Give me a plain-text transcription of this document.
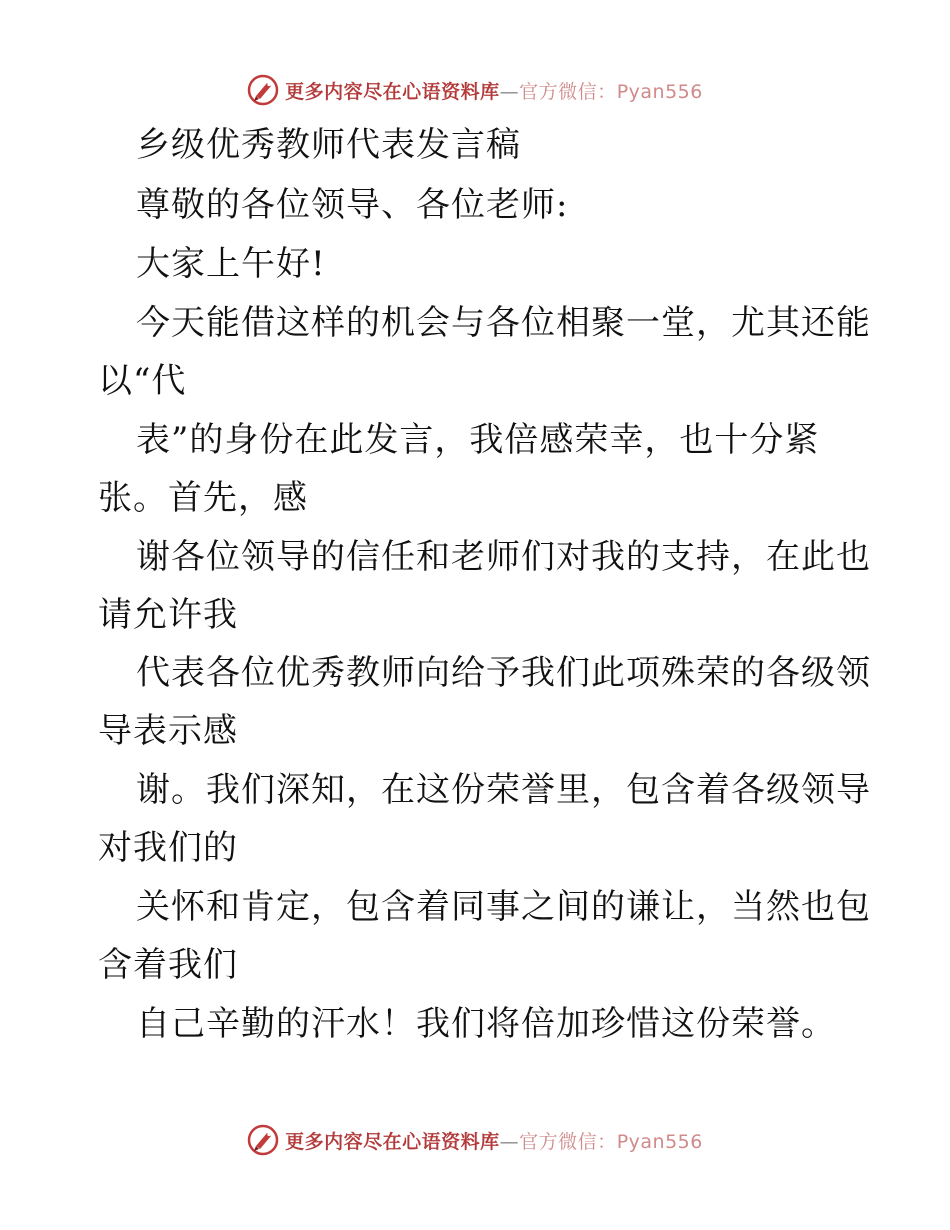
更多内容尽在心语资料库—官方微信：Pyan556
乡级优秀教师代表发言稿
尊敬的各位领导、各位老师:
大家上午好!
今天能借这样的机会与各位相聚一堂，尤其还能
以“代
表”的身份在此发言，我倍感荣幸，也十分紧
张。首先，感
谢各位领导的信任和老师们对我的支持，在此也
请允许我
代表各位优秀教师向给予我们此项殊荣的各级领
导表示感
谢。我们深知，在这份荣誉里，包含着各级领导
对我们的
关怀和肯定，包含着同事之间的谦让，当然也包
含着我们
自己辛勤的汗水！我们将倍加珍惜这份荣誉。
更多内容尽在心语资料库—官方微信：Pyan556
